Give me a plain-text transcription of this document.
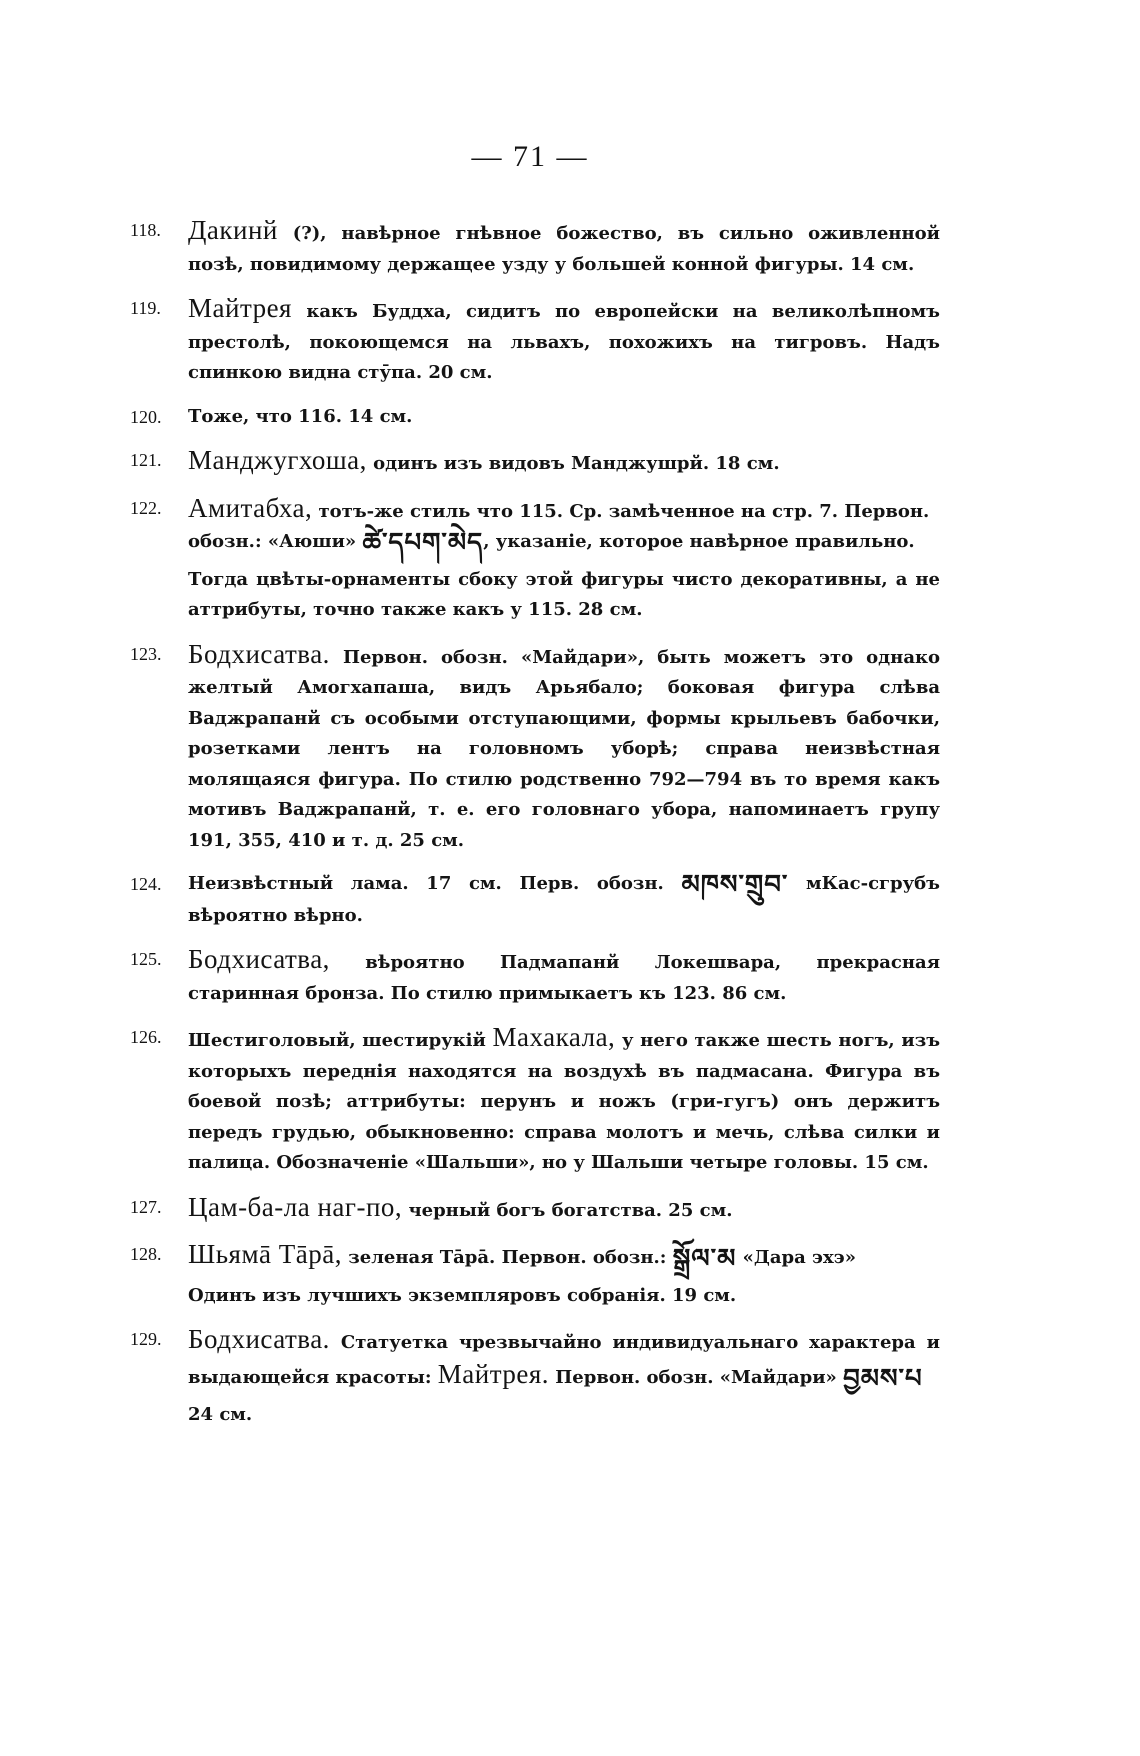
— 71 —
118. Дакинй (?), навѣрное гнѣвное божество, въ сильно оживленной позѣ, повидимому держащее узду у большей конной фигуры. 14 см.
119. Майтрея какъ Буддха, сидитъ по европейски на великолѣпномъ престолѣ, покоющемся на львахъ, похожихъ на тигровъ. Надъ спинкою видна стӯпа. 20 см.
120. Тоже, что 116. 14 см.
121. Манджугхоша, одинъ изъ видовъ Манджушрй. 18 см.
122. Амитабха, тотъ-же стиль что 115. Ср. замѣченное на стр. 7. Первон.
обозн.: «Аюши» ཚེ་དཔག་མེད, указаніе, которое навѣрное правильно.
Тогда цвѣты-орнаменты сбоку этой фигуры чисто декоративны, а не аттрибуты, точно также какъ у 115. 28 см.
123. Бодхисатва. Первон. обозн. «Майдари», быть можетъ это однако желтый Амогхапаша, видъ Арьябало; боковая фигура слѣва Ваджрапанй съ особыми отступающими, формы крыльевъ бабочки, розетками лентъ на головномъ уборѣ; справа неизвѣстная молящаяся фигура. По стилю родственно 792—794 въ то время какъ мотивъ Ваджрапанй, т. е. его головнаго убора, напоминаетъ групу 191, 355, 410 и т. д. 25 см.
124. Неизвѣстный лама. 17 см. Перв. обозн. མཁས་གྲུབ་ мКас-сгрубъ вѣроятно вѣрно.
125. Бодхисатва, вѣроятно Падмапанй Локешвара, прекрасная старинная бронза. По стилю примыкаетъ къ 123. 86 см.
126. Шестиголовый, шестирукій Махакала, у него также шесть ногъ, изъ которыхъ переднія находятся на воздухѣ въ падмасана. Фигура въ боевой позѣ; аттрибуты: перунъ и ножъ (гри-гугъ) онъ держитъ передъ грудью, обыкновенно: справа молотъ и мечь, слѣва силки и палица. Обозначеніе «Шальши», но у Шальши четыре головы. 15 см.
127. Цам-ба-ла наг-по, черный богъ богатства. 25 см.
128. Шьямā Тāрā, зеленая Тāрā. Первон. обозн.: སྒྲོལ་མ «Дара эхэ»
Одинъ изъ лучшихъ экземпляровъ собранія. 19 см.
129. Бодхисатва. Статуетка чрезвычайно индивидуальнаго характера и выдающейся красоты: Майтрея. Первон. обозн. «Майдари» བྱམས་པ
24 см.
